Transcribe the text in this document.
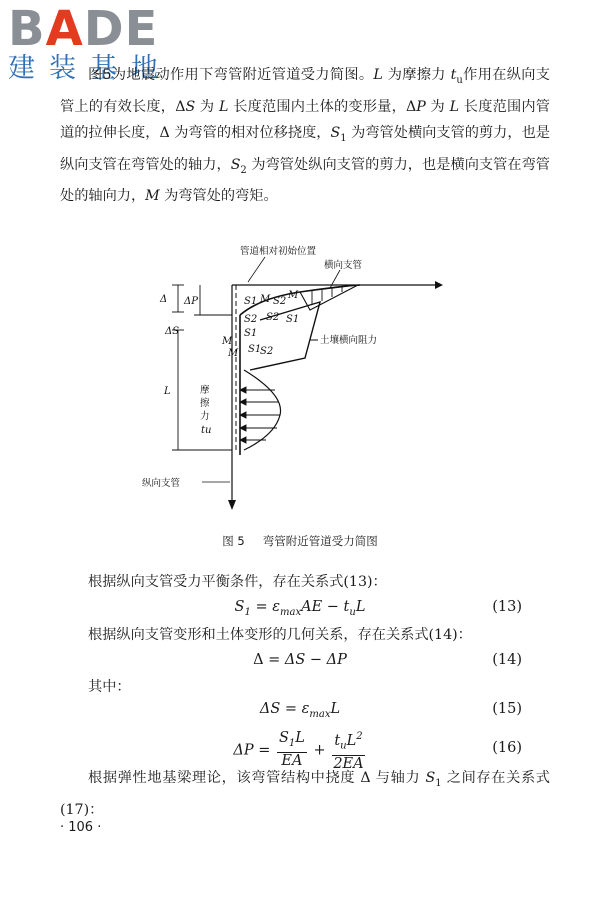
BADE
建装基地

图5为地震动作用下弯管附近管道受力简图。L 为摩擦力 $t_u$作用在纵向支管上的有效长度，ΔS 为 L 长度范围内土体的变形量，ΔP 为 L 长度范围内管道的拉伸长度，Δ 为弯管的相对位移挠度，$S_1$ 为弯管处横向支管的剪力，也是纵向支管在弯管处的轴力，$S_2$ 为弯管处纵向支管的剪力，也是横向支管在弯管处的轴向力，M 为弯管处的弯矩。

管道相对初始位置
横向支管
土壤横向阻力
摩
擦
力
tu
纵向支管
Δ ΔP
L
ΔS
S1 M S2
M
S2 S1
S2
S1
M
M S1
S2
图 5 弯管附近管道受力简图
根据纵向支管受力平衡条件，存在关系式(13)：
$S_1 = \varepsilon_{max}AE - t_uL$	(13)
根据纵向支管变形和土体变形的几何关系，存在关系式(14)：
Δ = ΔS − ΔP	(14)
其中：
$\Delta S = \varepsilon_{max}L$	(15)
$\Delta P = \frac{S_1L}{EA} + \frac{t_uL^2}{2EA}$	(16)

根据弹性地基梁理论，该弯管结构中挠度 Δ 与轴力 $S_1$ 之间存在关系式(17)：

· 106 ·
